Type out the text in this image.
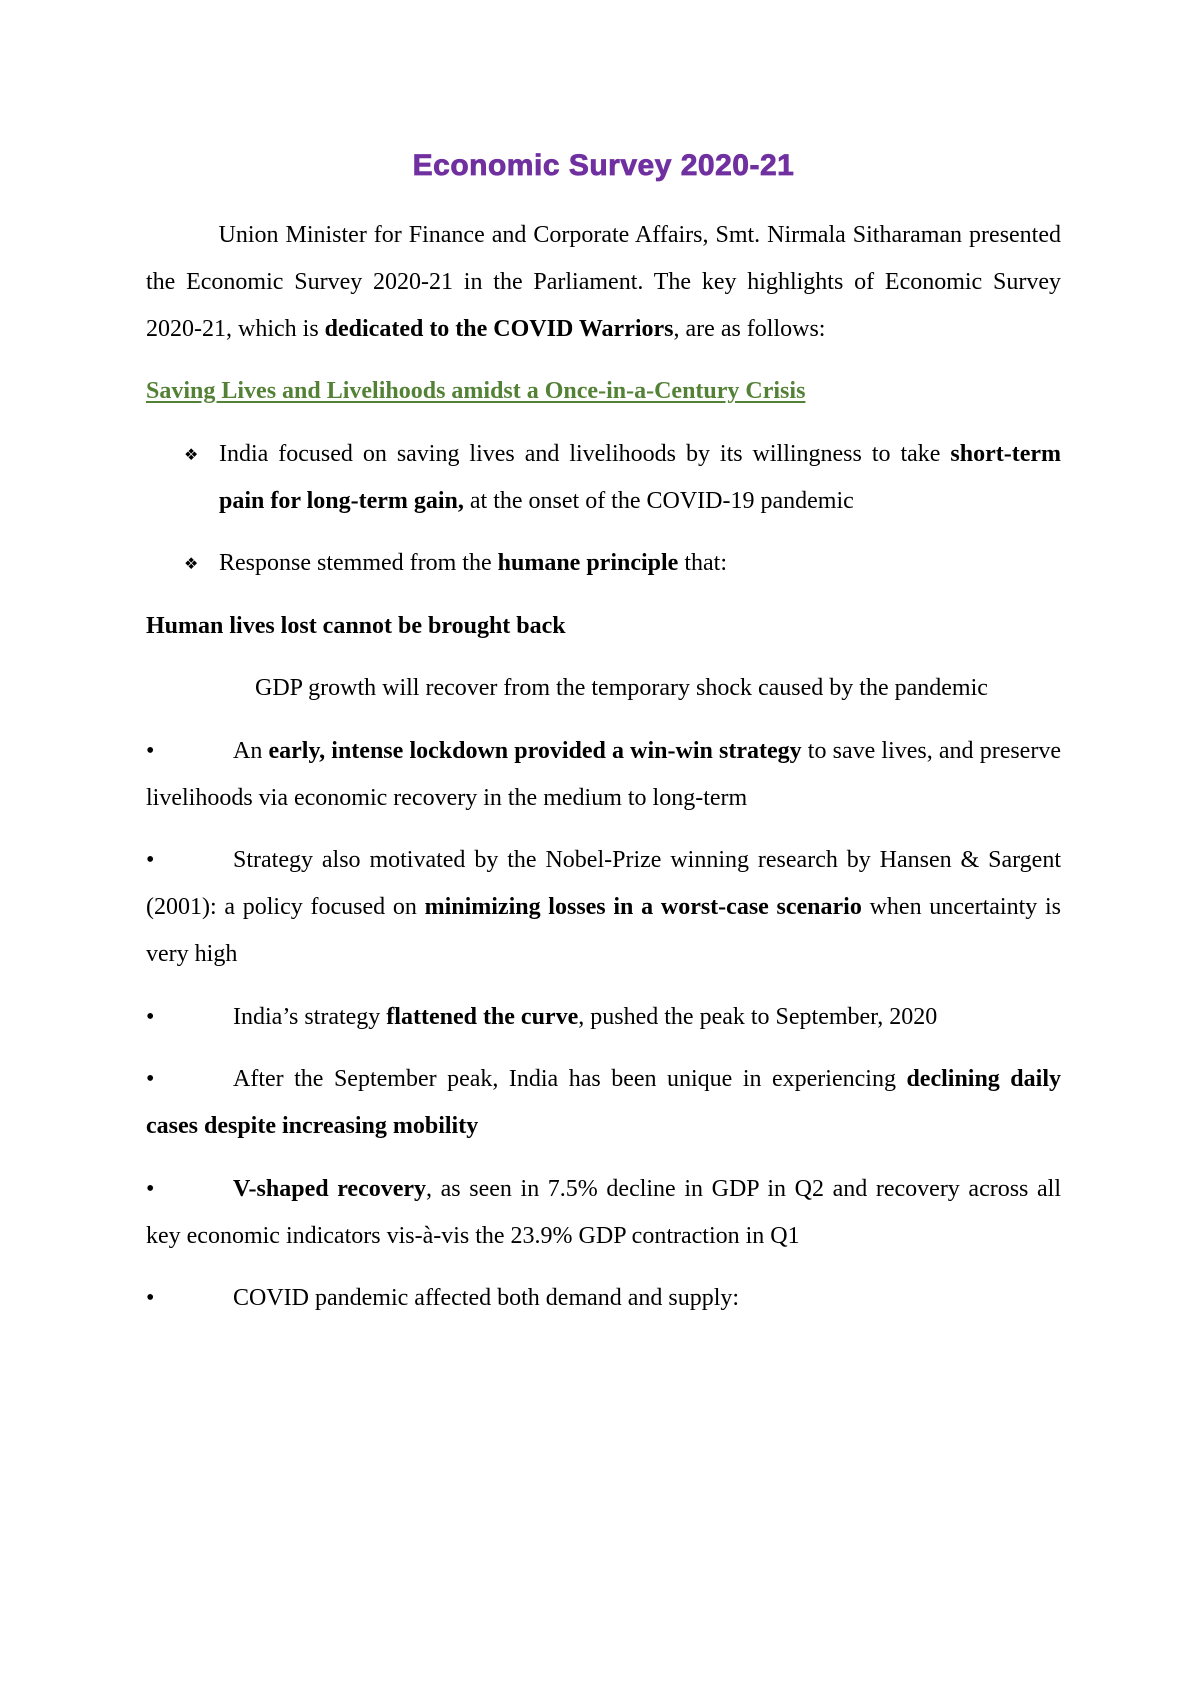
Economic Survey 2020-21

Union Minister for Finance and Corporate Affairs, Smt. Nirmala Sitharaman presented the Economic Survey 2020-21 in the Parliament. The key highlights of Economic Survey 2020-21, which is dedicated to the COVID Warriors, are as follows:

Saving Lives and Livelihoods amidst a Once-in-a-Century Crisis

❖ India focused on saving lives and livelihoods by its willingness to take short-term pain for long-term gain, at the onset of the COVID-19 pandemic
❖ Response stemmed from the humane principle that:

Human lives lost cannot be brought back

GDP growth will recover from the temporary shock caused by the pandemic

•	An early, intense lockdown provided a win-win strategy to save lives, and preserve livelihoods via economic recovery in the medium to long-term

•	Strategy also motivated by the Nobel-Prize winning research by Hansen & Sargent (2001): a policy focused on minimizing losses in a worst-case scenario when uncertainty is very high

•	India’s strategy flattened the curve, pushed the peak to September, 2020

•	After the September peak, India has been unique in experiencing declining daily cases despite increasing mobility

•	V-shaped recovery, as seen in 7.5% decline in GDP in Q2 and recovery across all key economic indicators vis-à-vis the 23.9% GDP contraction in Q1

•	COVID pandemic affected both demand and supply:
